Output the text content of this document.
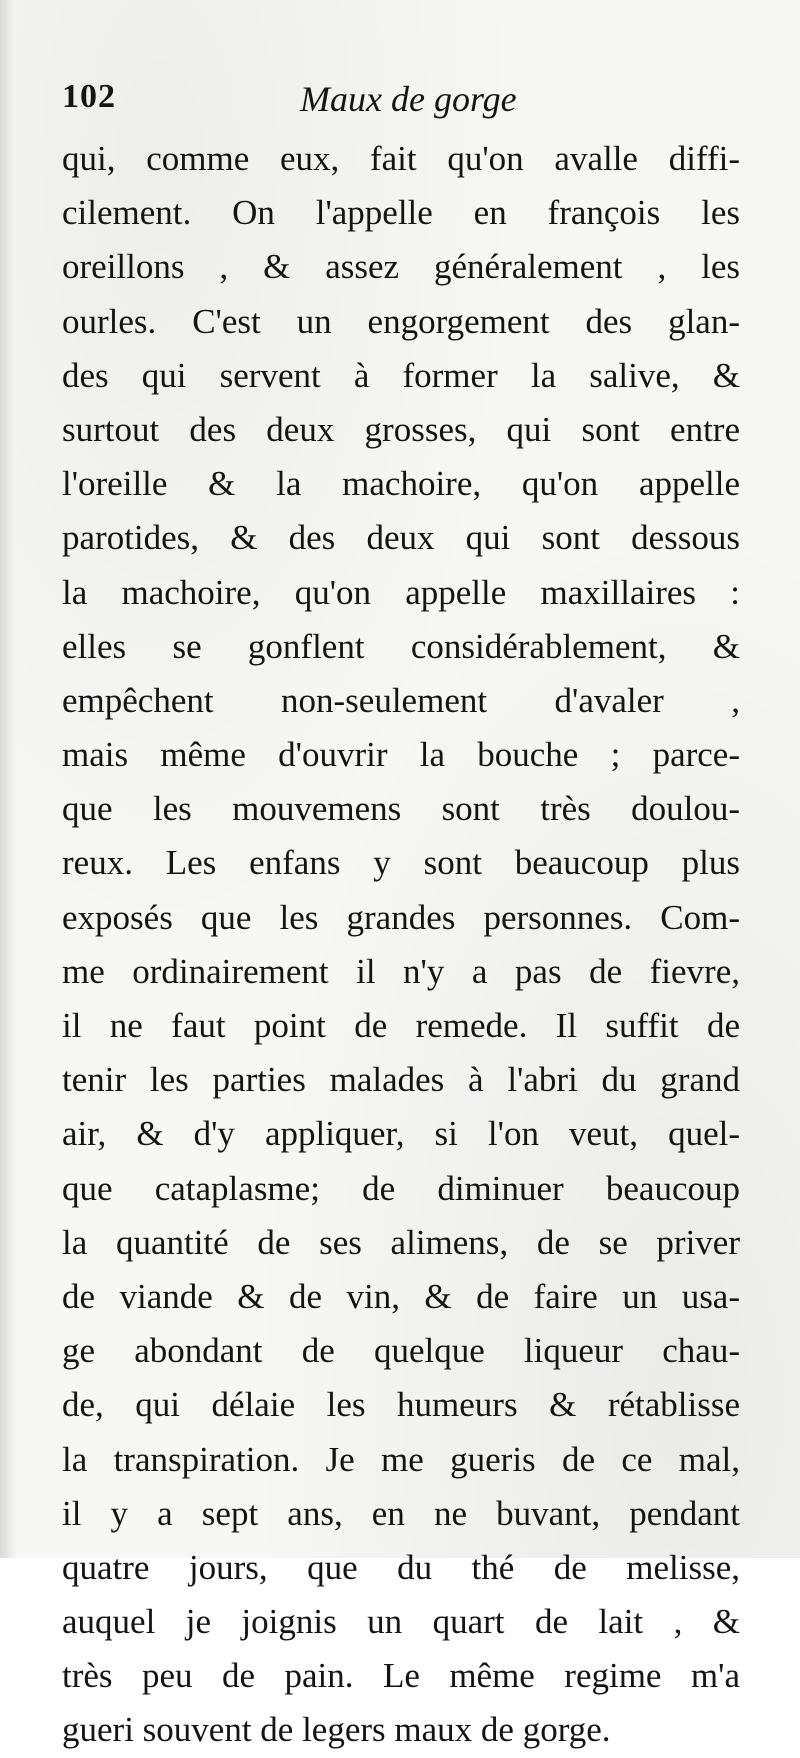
102	Maux de gorge
qui, comme eux, fait qu'on avalle diffi-
cilement. On l'appelle en françois les
oreillons , & assez généralement , les
ourles. C'est un engorgement des glan-
des qui servent à former la salive, &
surtout des deux grosses, qui sont entre
l'oreille & la machoire, qu'on appelle
parotides, & des deux qui sont dessous
la machoire, qu'on appelle maxillaires :
elles se gonflent considérablement, &
empêchent non-seulement d'avaler ,
mais même d'ouvrir la bouche ; parce-
que les mouvemens sont très doulou-
reux. Les enfans y sont beaucoup plus
exposés que les grandes personnes. Com-
me ordinairement il n'y a pas de fievre,
il ne faut point de remede. Il suffit de
tenir les parties malades à l'abri du grand
air, & d'y appliquer, si l'on veut, quel-
que cataplasme; de diminuer beaucoup
la quantité de ses alimens, de se priver
de viande & de vin, & de faire un usa-
ge abondant de quelque liqueur chau-
de, qui délaie les humeurs & rétablisse
la transpiration. Je me gueris de ce mal,
il y a sept ans, en ne buvant, pendant
quatre jours, que du thé de melisse,
auquel je joignis un quart de lait , &
très peu de pain. Le même regime m'a
gueri souvent de legers maux de gorge.
